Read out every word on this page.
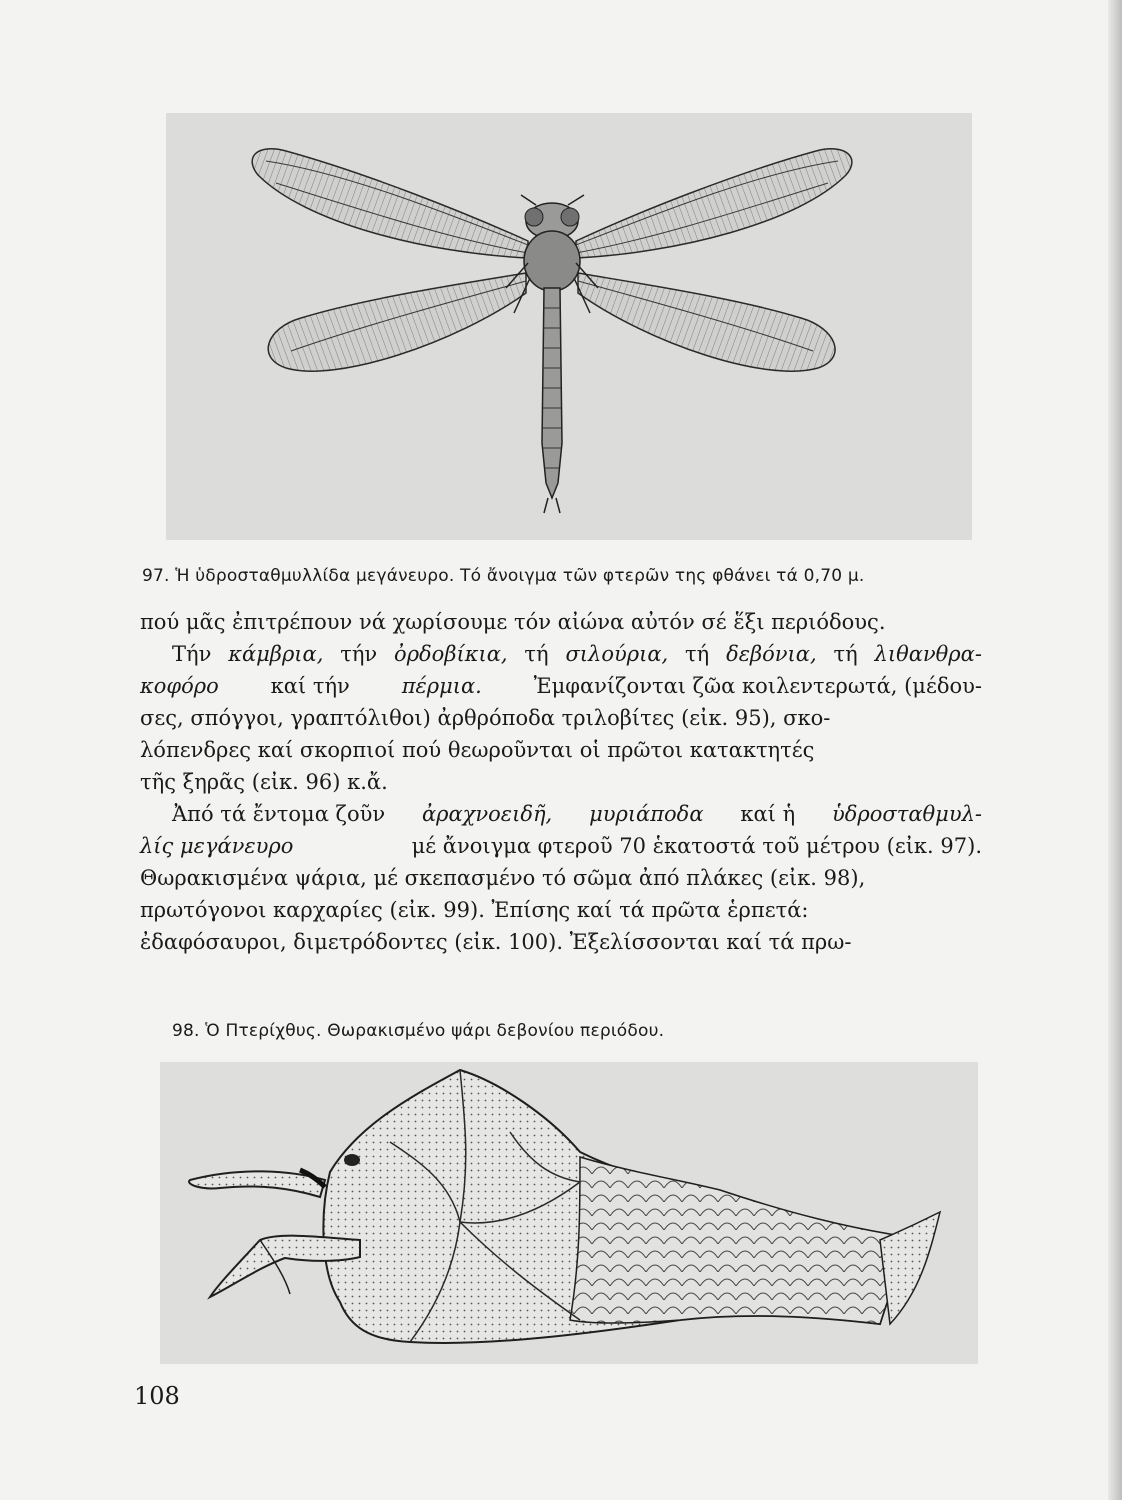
97. Ἡ ὑδροσταθμυλλίδα μεγάνευρο. Τό ἄνοιγμα τῶν φτερῶν της φθάνει τά 0,70 μ.
πού μᾶς ἐπιτρέπουν νά χωρίσουμε τόν αἰώνα αὐτόν σέ ἕξι περιόδους.
Τήν κάμβρια, τήν ὀρδοβίκια, τή σιλούρια, τή δεβόνια, τή λιθανθρα-
κοφόρο καί τήν πέρμια. Ἐμφανίζονται ζῶα κοιλεντερωτά, (μέδου-
σες, σπόγγοι, γραπτόλιθοι) ἀρθρόποδα τριλοβίτες (εἰκ. 95), σκο-
λόπενδρες καί σκορπιοί πού θεωροῦνται οἱ πρῶτοι κατακτητές
τῆς ξηρᾶς (εἰκ. 96) κ.ἄ.
Ἀπό τά ἔντομα ζοῦν ἀραχνοειδῆ, μυριάποδα καί ἡ ὑδροσταθμυλ-
λίς μεγάνευρο	μέ ἄνοιγμα φτεροῦ 70 ἑκατοστά τοῦ μέτρου (εἰκ. 97).
Θωρακισμένα ψάρια, μέ σκεπασμένο τό σῶμα ἀπό πλάκες (εἰκ. 98),
πρωτόγονοι καρχαρίες (εἰκ. 99). Ἐπίσης καί τά πρῶτα ἑρπετά:
ἐδαφόσαυροι, διμετρόδοντες (εἰκ. 100). Ἐξελίσσονται καί τά πρω-
98. Ὁ Πτερίχθυς. Θωρακισμένο ψάρι δεβονίου περιόδου.
108
